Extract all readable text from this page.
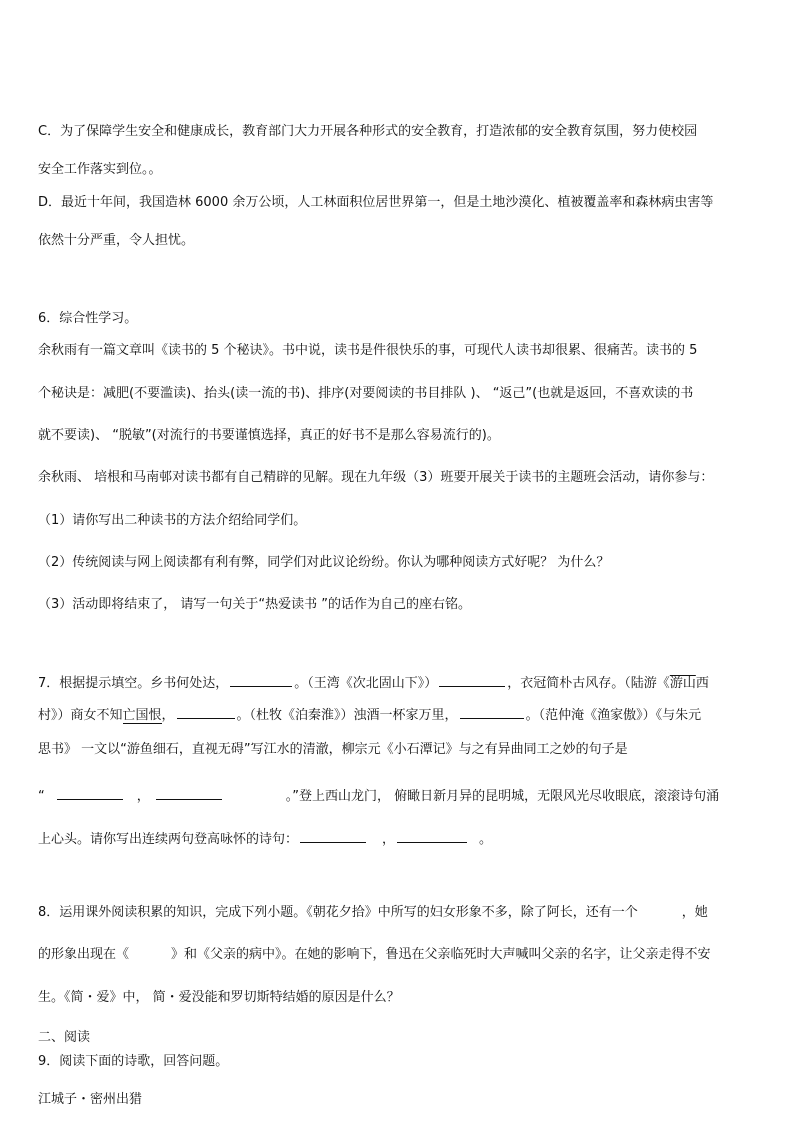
C．为了保障学生安全和健康成长，教育部门大力开展各种形式的安全教育，打造浓郁的安全教育氛围，努力使校园
安全工作落实到位。。
D．最近十年间，我国造林 6000 余万公顷，人工林面积位居世界第一，但是土地沙漠化、植被覆盖率和森林病虫害等
依然十分严重，令人担忧。
6．综合性学习。
余秋雨有一篇文章叫《读书的 5 个秘诀》。书中说，读书是件很快乐的事，可现代人读书却很累、很痛苦。读书的 5
个秘诀是：减肥(不要滥读)、抬头(读一流的书)、排序(对要阅读的书目排队 )、 “返己”(也就是返回，不喜欢读的书
就不要读)、 “脱敏”(对流行的书要谨慎选择，真正的好书不是那么容易流行的)。
余秋雨、 培根和马南邨对读书都有自己精辟的见解。现在九年级（3）班要开展关于读书的主题班会活动，请你参与：
（1）请你写出二种读书的方法介绍给同学们。
（2）传统阅读与网上阅读都有利有弊，同学们对此议论纷纷。你认为哪种阅读方式好呢？ 为什么？
（3）活动即将结束了， 请写一句关于“热爱读书 ”的话作为自己的座右铭。
7．根据提示填空。乡书何处达，	。（王湾《次北固山下》）	，衣冠简朴古风存。（陆游《游山西
村》）商女不知亡国恨，	。（杜牧《泊秦淮》）浊酒一杯家万里，	。（范仲淹《渔家傲》）《与朱元
思书》 一文以“游鱼细石，直视无碍”写江水的清澈，柳宗元《小石潭记》与之有异曲同工之妙的句子是
“	，	。”登上西山龙门， 俯瞰日新月异的昆明城，无限风光尽收眼底，滚滚诗句涌
上心头。请你写出连续两句登高咏怀的诗句：	，	。
8．运用课外阅读积累的知识，完成下列小题。《朝花夕拾》中所写的妇女形象不多，除了阿长，还有一个	，她
的形象出现在《	》和《父亲的病中》。在她的影响下，鲁迅在父亲临死时大声喊叫父亲的名字，让父亲走得不安
生。《简・爱》中， 简・爱没能和罗切斯特结婚的原因是什么？
二、阅读
9．阅读下面的诗歌，回答问题。
江城子・密州出猎
